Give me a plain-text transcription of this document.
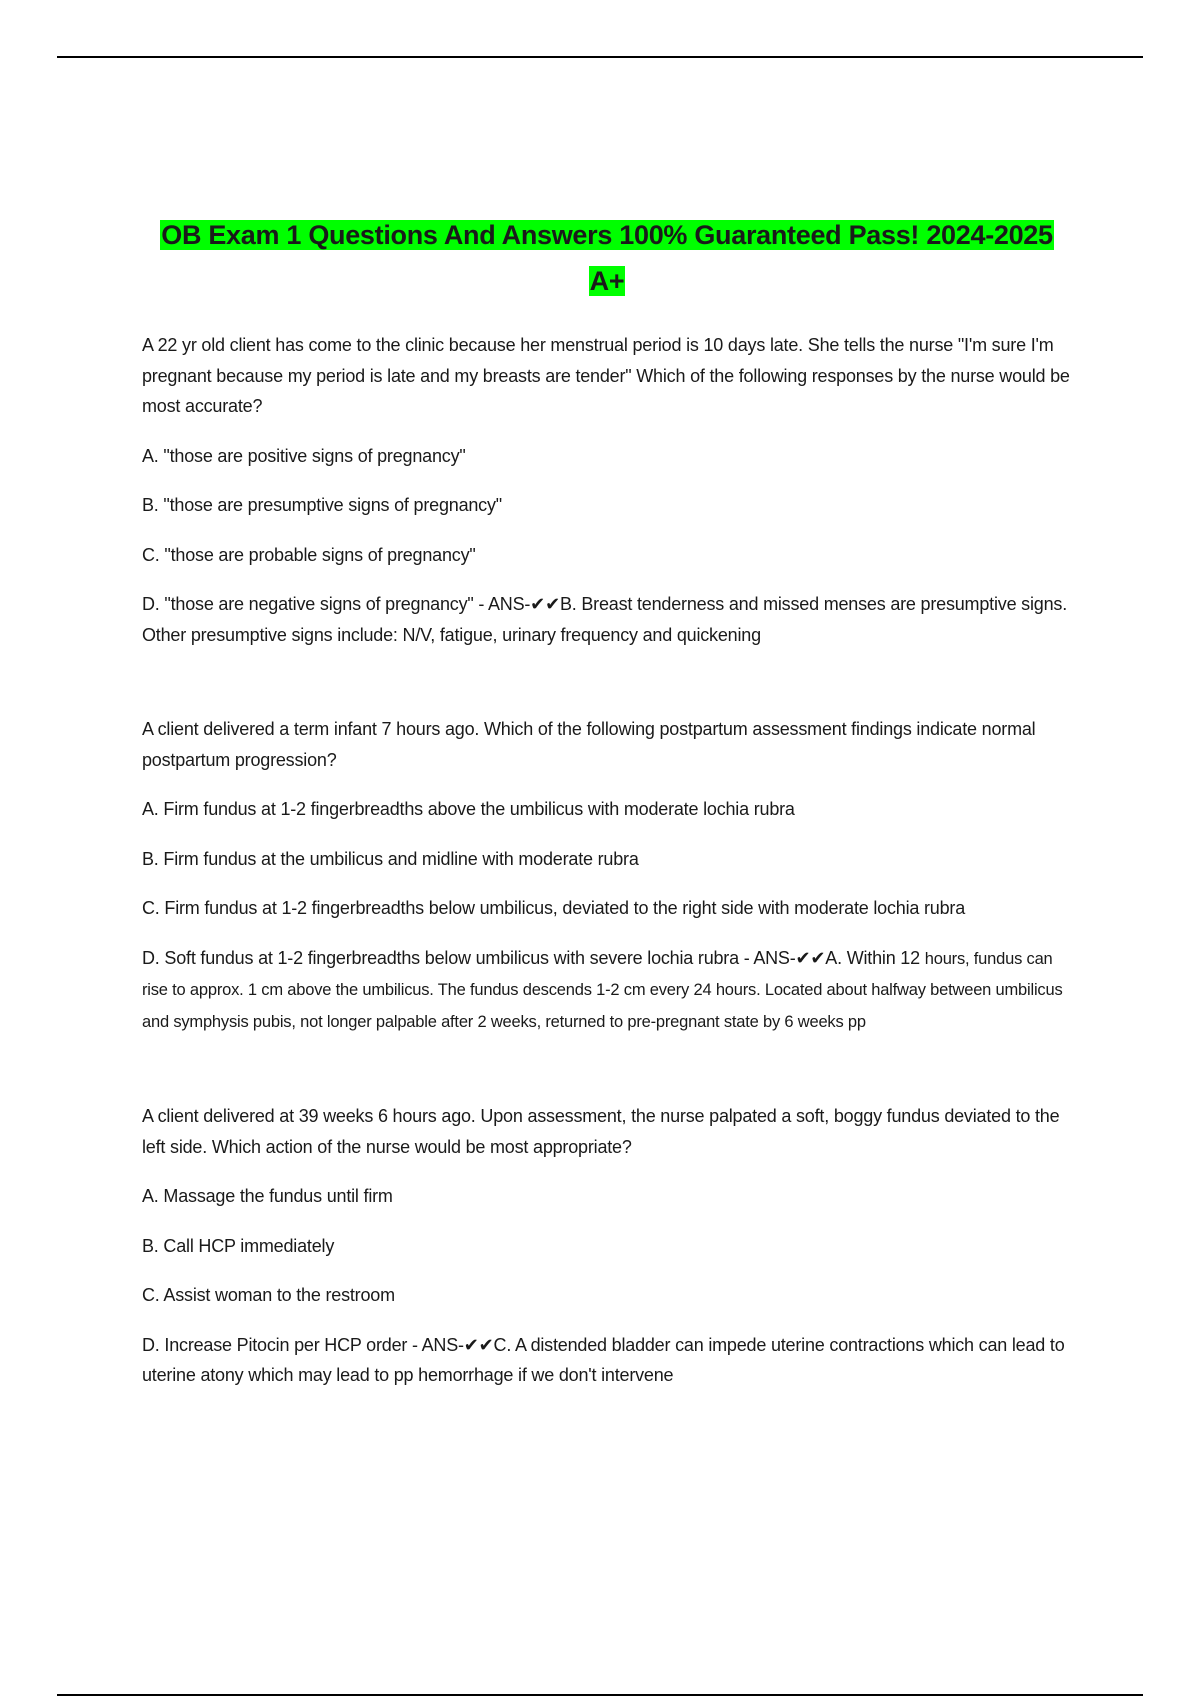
OB Exam 1 Questions And Answers 100% Guaranteed Pass! 2024-2025
A+

A 22 yr old client has come to the clinic because her menstrual period is 10 days late. She tells the nurse "I'm sure I'm pregnant because my period is late and my breasts are tender" Which of the following responses by the nurse would be most accurate?

A. "those are positive signs of pregnancy"

B. "those are presumptive signs of pregnancy"

C. "those are probable signs of pregnancy"

D. "those are negative signs of pregnancy" - ANS-✔✔B. Breast tenderness and missed menses are presumptive signs. Other presumptive signs include: N/V, fatigue, urinary frequency and quickening

A client delivered a term infant 7 hours ago. Which of the following postpartum assessment findings indicate normal postpartum progression?

A. Firm fundus at 1-2 fingerbreadths above the umbilicus with moderate lochia rubra

B. Firm fundus at the umbilicus and midline with moderate rubra

C. Firm fundus at 1-2 fingerbreadths below umbilicus, deviated to the right side with moderate lochia rubra

D. Soft fundus at 1-2 fingerbreadths below umbilicus with severe lochia rubra - ANS-✔✔A. Within 12 hours, fundus can rise to approx. 1 cm above the umbilicus. The fundus descends 1-2 cm every 24 hours. Located about halfway between umbilicus and symphysis pubis, not longer palpable after 2 weeks, returned to pre-pregnant state by 6 weeks pp

A client delivered at 39 weeks 6 hours ago. Upon assessment, the nurse palpated a soft, boggy fundus deviated to the left side. Which action of the nurse would be most appropriate?

A. Massage the fundus until firm

B. Call HCP immediately

C. Assist woman to the restroom

D. Increase Pitocin per HCP order - ANS-✔✔C. A distended bladder can impede uterine contractions which can lead to uterine atony which may lead to pp hemorrhage if we don't intervene
